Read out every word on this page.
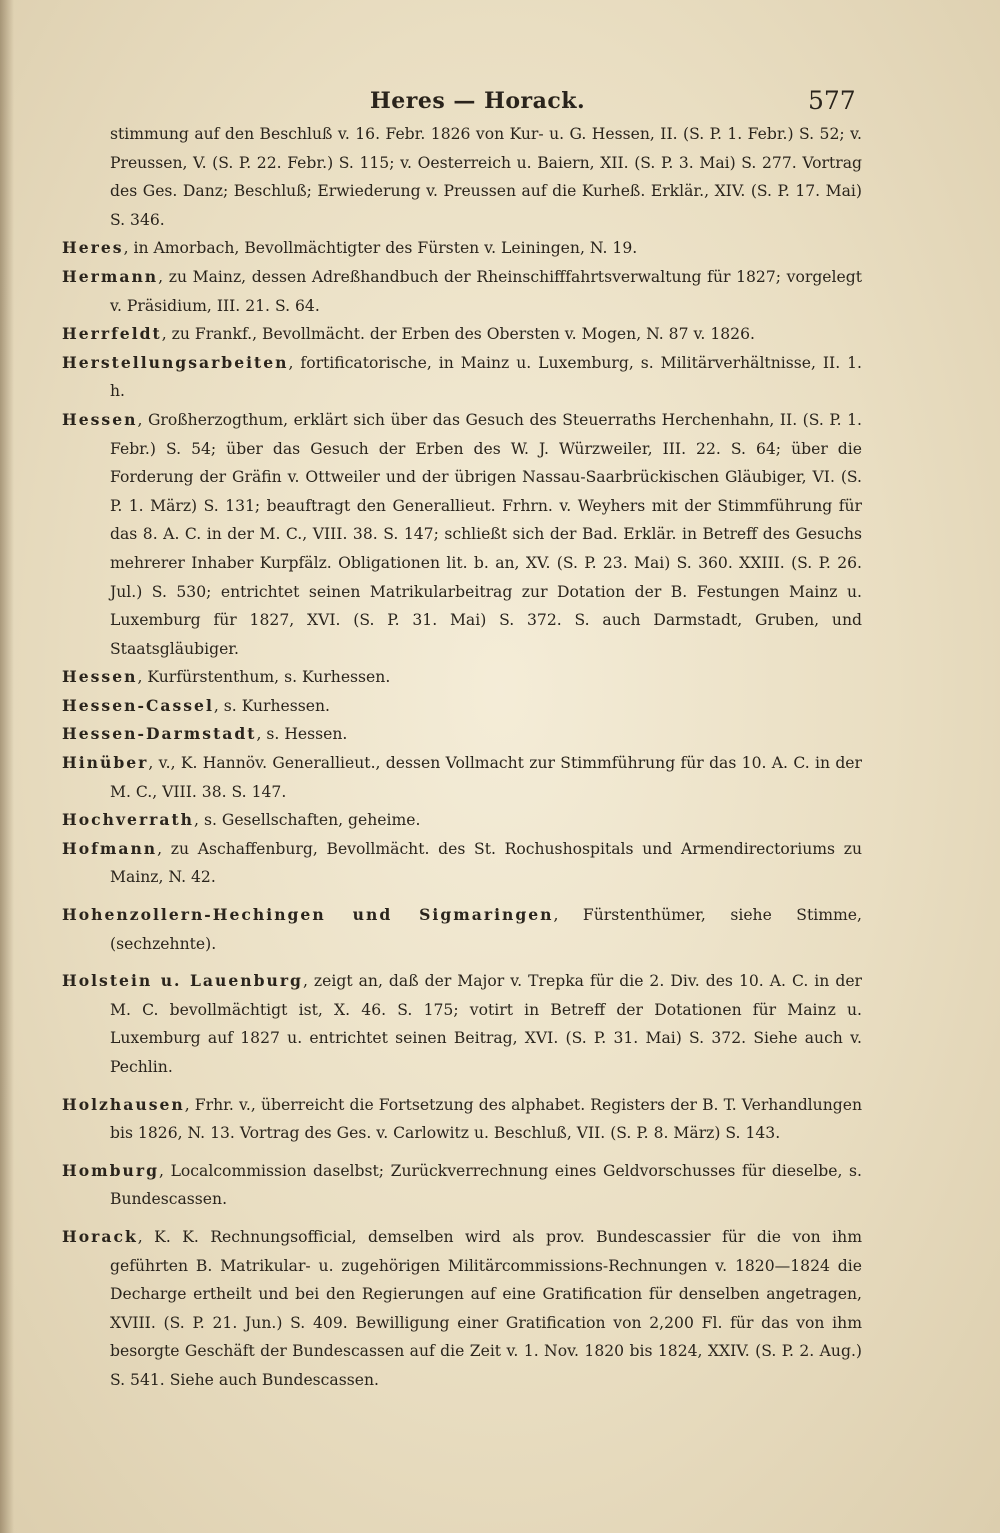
Heres — Horack.	577

stimmung auf den Beschluß v. 16. Febr. 1826 von Kur- u. G. Hessen, II. (S. P. 1. Febr.) S. 52; v. Preussen, V. (S. P. 22. Febr.) S. 115; v. Oesterreich u. Baiern, XII. (S. P. 3. Mai) S. 277. Vortrag des Ges. Danz; Beschluß; Erwiederung v. Preussen auf die Kurheß. Erklär., XIV. (S. P. 17. Mai) S. 346.

Heres, in Amorbach, Bevollmächtigter des Fürsten v. Leiningen, N. 19.

Hermann, zu Mainz, dessen Adreßhandbuch der Rheinschifffahrtsverwaltung für 1827; vorgelegt v. Präsidium, III. 21. S. 64.

Herrfeldt, zu Frankf., Bevollmächt. der Erben des Obersten v. Mogen, N. 87 v. 1826.

Herstellungsarbeiten, fortificatorische, in Mainz u. Luxemburg, s. Militärverhältnisse, II. 1. h.

Hessen, Großherzogthum, erklärt sich über das Gesuch des Steuerraths Herchenhahn, II. (S. P. 1. Febr.) S. 54; über das Gesuch der Erben des W. J. Würzweiler, III. 22. S. 64; über die Forderung der Gräfin v. Ottweiler und der übrigen Nassau-Saarbrückischen Gläubiger, VI. (S. P. 1. März) S. 131; beauftragt den Generallieut. Frhrn. v. Weyhers mit der Stimmführung für das 8. A. C. in der M. C., VIII. 38. S. 147; schließt sich der Bad. Erklär. in Betreff des Gesuchs mehrerer Inhaber Kurpfälz. Obligationen lit. b. an, XV. (S. P. 23. Mai) S. 360. XXIII. (S. P. 26. Jul.) S. 530; entrichtet seinen Matrikularbeitrag zur Dotation der B. Festungen Mainz u. Luxemburg für 1827, XVI. (S. P. 31. Mai) S. 372. S. auch Darmstadt, Gruben, und Staatsgläubiger.

Hessen, Kurfürstenthum, s. Kurhessen.

Hessen-Cassel, s. Kurhessen.

Hessen-Darmstadt, s. Hessen.

Hinüber, v., K. Hannöv. Generallieut., dessen Vollmacht zur Stimmführung für das 10. A. C. in der M. C., VIII. 38. S. 147.

Hochverrath, s. Gesellschaften, geheime.

Hofmann, zu Aschaffenburg, Bevollmächt. des St. Rochushospitals und Armendirectoriums zu Mainz, N. 42.

Hohenzollern-Hechingen und Sigmaringen, Fürstenthümer, siehe Stimme, (sechzehnte).

Holstein u. Lauenburg, zeigt an, daß der Major v. Trepka für die 2. Div. des 10. A. C. in der M. C. bevollmächtigt ist, X. 46. S. 175; votirt in Betreff der Dotationen für Mainz u. Luxemburg auf 1827 u. entrichtet seinen Beitrag, XVI. (S. P. 31. Mai) S. 372. Siehe auch v. Pechlin.

Holzhausen, Frhr. v., überreicht die Fortsetzung des alphabet. Registers der B. T. Verhandlungen bis 1826, N. 13. Vortrag des Ges. v. Carlowitz u. Beschluß, VII. (S. P. 8. März) S. 143.

Homburg, Localcommission daselbst; Zurückverrechnung eines Geldvorschusses für dieselbe, s. Bundescassen.

Horack, K. K. Rechnungsofficial, demselben wird als prov. Bundescassier für die von ihm geführten B. Matrikular- u. zugehörigen Militärcommissions-Rechnungen v. 1820—1824 die Decharge ertheilt und bei den Regierungen auf eine Gratification für denselben angetragen, XVIII. (S. P. 21. Jun.) S. 409. Bewilligung einer Gratification von 2,200 Fl. für das von ihm besorgte Geschäft der Bundescassen auf die Zeit v. 1. Nov. 1820 bis 1824, XXIV. (S. P. 2. Aug.) S. 541. Siehe auch Bundescassen.
